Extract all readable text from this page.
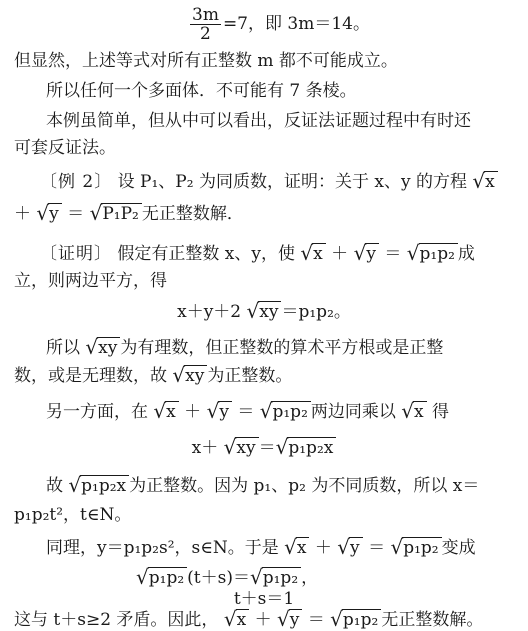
$\frac{3m}{2} =7$，即 3m＝14。
但显然，上述等式对所有正整数 m 都不可能成立。
所以任何一个多面体．不可能有 7 条棱。
本例虽简单，但从中可以看出，反证法证题过程中有时还
可套反证法。
〔例 2〕 设 P₁、P₂ 为同质数，证明：关于 x、y 的方程 √x
＋ √y ＝ √P₁P₂ 无正整数解．
〔证明〕 假定有正整数 x、y，使 √x ＋ √y ＝ √p₁p₂ 成
立，则两边平方，得
x＋y＋2 √xy ＝p₁p₂。
所以 √xy 为有理数，但正整数的算术平方根或是正整
数，或是无理数，故 √xy 为正整数。
另一方面，在 √x ＋ √y ＝ √p₁p₂ 两边同乘以 √x 得
x＋ √xy ＝√p₁p₂x
故 √p₁p₂x 为正整数。因为 p₁、p₂ 为不同质数，所以 x＝
p₁p₂t²，t∈N。
同理，y＝p₁p₂s²，s∈N。于是 √x ＋ √y ＝ √p₁p₂ 变成
√p₁p₂ (t＋s)＝√p₁p₂ ，
t＋s＝1
这与 t＋s≥2 矛盾。因此， √x ＋ √y ＝ √p₁p₂ 无正整数解。
